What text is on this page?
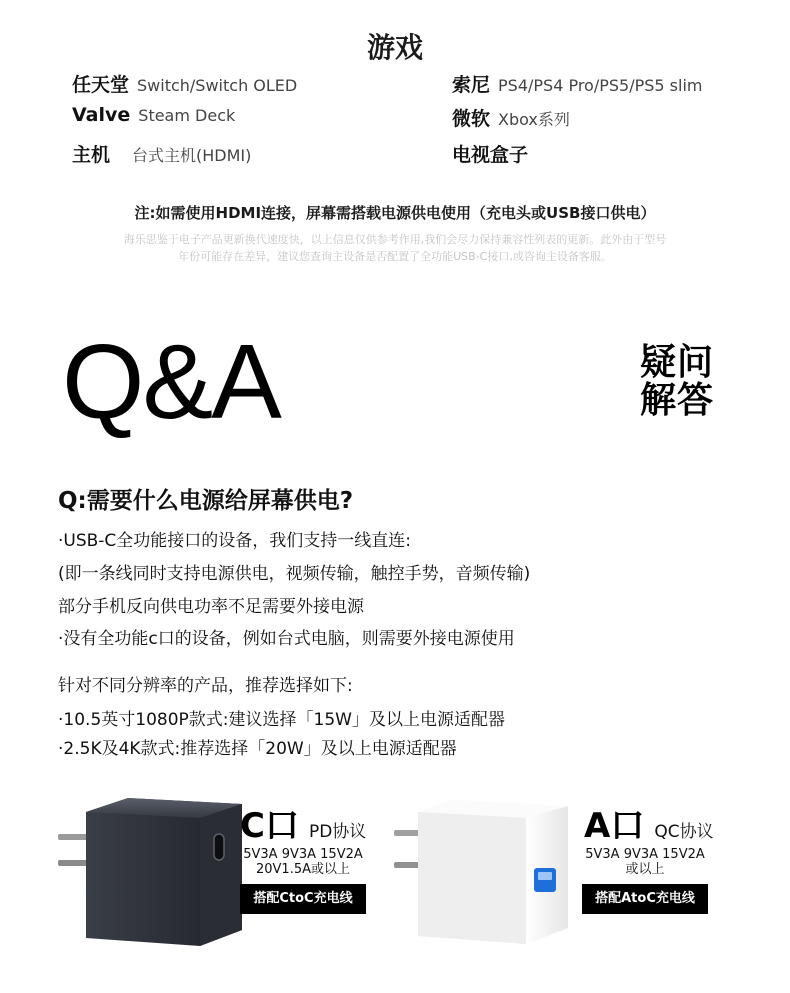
游戏
任天堂 Switch/Switch OLED
Valve Steam Deck
主机 台式主机(HDMI)
索尼 PS4/PS4 Pro/PS5/PS5 slim
微软 Xbox系列
电视盒子
注:如需使用HDMI连接，屏幕需搭载电源供电使用（充电头或USB接口供电）
海乐思鉴于电子产品更新换代速度快，以上信息仅供参考作用,我们会尽力保持兼容性列表的更新。此外由于型号
年份可能存在差异，建议您查询主设备是否配置了全功能USB-C接口,或咨询主设备客服。
Q&A	疑问
解答
Q:需要什么电源给屏幕供电?
·USB-C全功能接口的设备，我们支持一线直连:
(即一条线同时支持电源供电，视频传输，触控手势，音频传输)
部分手机反向供电功率不足需要外接电源
·没有全功能c口的设备，例如台式电脑，则需要外接电源使用
针对不同分辨率的产品，推荐选择如下:
·10.5英寸1080P款式:建议选择「15W」及以上电源适配器
·2.5K及4K款式:推荐选择「20W」及以上电源适配器
C口 PD协议
5V3A 9V3A 15V2A
20V1.5A或以上
搭配CtoC充电线
A口 QC协议
5V3A 9V3A 15V2A
或以上
搭配AtoC充电线
